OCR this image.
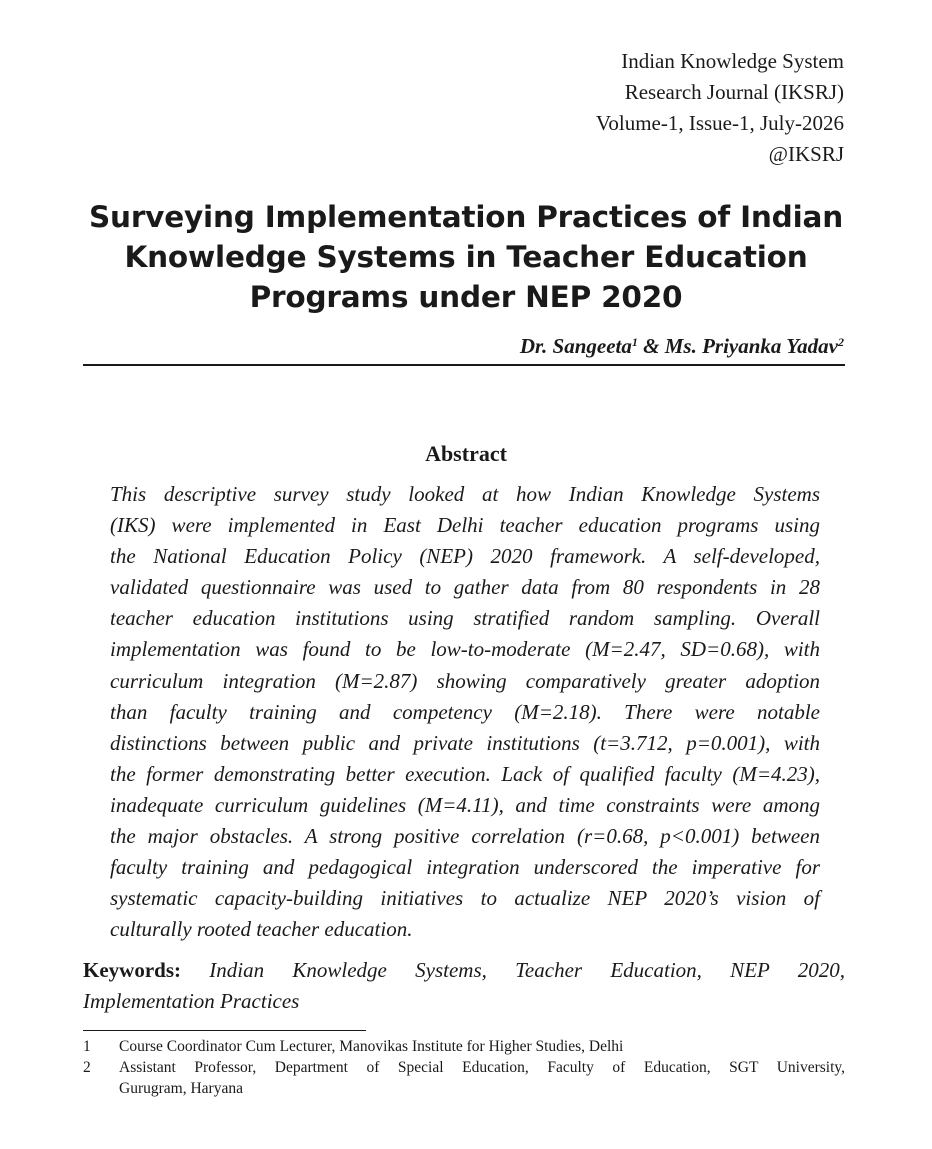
Indian Knowledge System
Research Journal (IKSRJ)
Volume-1, Issue-1, July-2026
@IKSRJ
Surveying Implementation Practices of Indian
Knowledge Systems in Teacher Education
Programs under NEP 2020
Dr. Sangeeta$^1$ & Ms. Priyanka Yadav$^2$
Abstract
This descriptive survey study looked at how Indian Knowledge Systems
(IKS) were implemented in East Delhi teacher education programs using
the National Education Policy (NEP) 2020 framework. A self-developed,
validated questionnaire was used to gather data from 80 respondents in 28
teacher education institutions using stratified random sampling. Overall
implementation was found to be low-to-moderate (M=2.47, SD=0.68), with
curriculum integration (M=2.87) showing comparatively greater adoption
than faculty training and competency (M=2.18). There were notable
distinctions between public and private institutions (t=3.712, p=0.001), with
the former demonstrating better execution. Lack of qualified faculty (M=4.23),
inadequate curriculum guidelines (M=4.11), and time constraints were among
the major obstacles. A strong positive correlation (r=0.68, p<0.001) between
faculty training and pedagogical integration underscored the imperative for
systematic capacity-building initiatives to actualize NEP 2020’s vision of
culturally rooted teacher education.
Keywords: Indian Knowledge Systems, Teacher Education, NEP 2020,
Implementation Practices
1	Course Coordinator Cum Lecturer, Manovikas Institute for Higher Studies, Delhi
2	Assistant Professor, Department of Special Education, Faculty of Education, SGT University,
Gurugram, Haryana
